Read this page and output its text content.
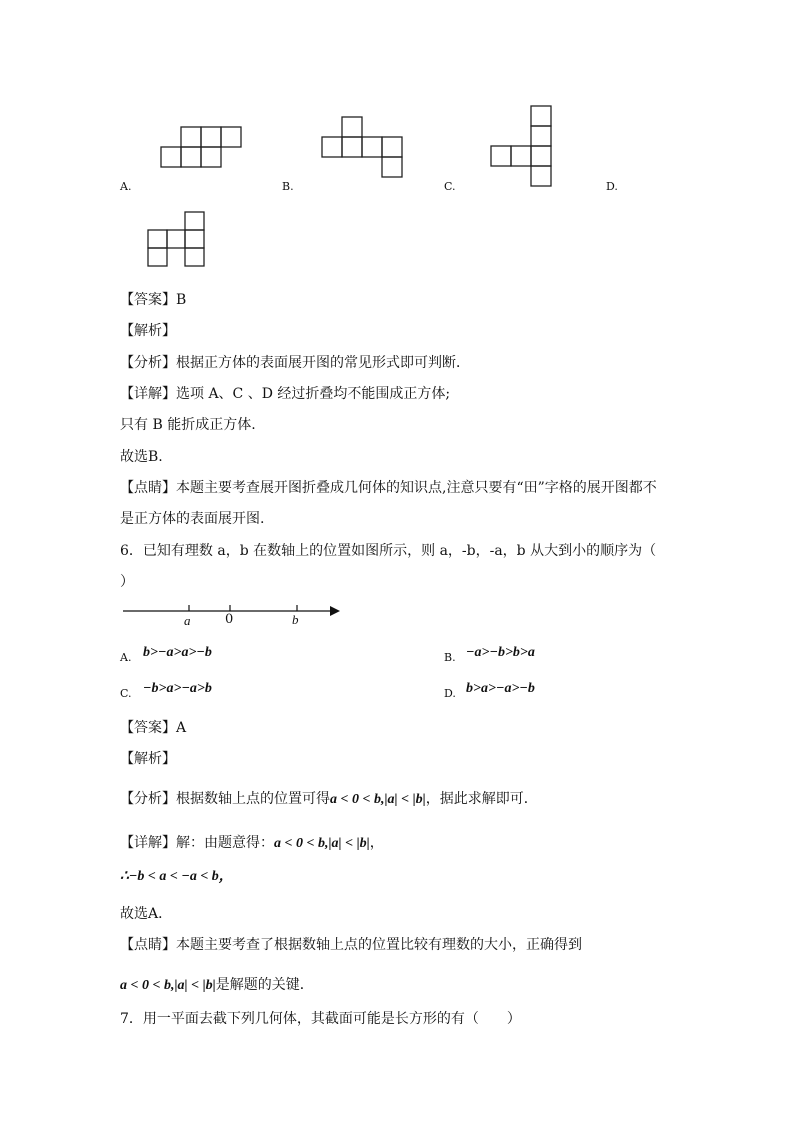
A.	B.	C.	D.
【答案】B
【解析】
【分析】根据正方体的表面展开图的常见形式即可判断．
【详解】选项 A、C 、D 经过折叠均不能围成正方体;
只有 B 能折成正方体.
故选B.
【点睛】本题主要考查展开图折叠成几何体的知识点,注意只要有“田”字格的展开图都不
是正方体的表面展开图.
6．已知有理数 a，b 在数轴上的位置如图所示，则 a，-b，-a，b 从大到小的顺序为（
）
a	0	b
A. b>−a>a>−b	B. −a>−b>b>a
C. −b>a>−a>b	D. b>a>−a>−b
【答案】A
【解析】
【分析】根据数轴上点的位置可得a < 0 < b,|a| < |b|，据此求解即可．
【详解】解：由题意得：a < 0 < b,|a| < |b|，
∴−b < a < −a < b，
故选A．
【点睛】本题主要考查了根据数轴上点的位置比较有理数的大小，正确得到
a < 0 < b,|a| < |b|是解题的关键．
7．用一平面去截下列几何体，其截面可能是长方形的有（　　）
